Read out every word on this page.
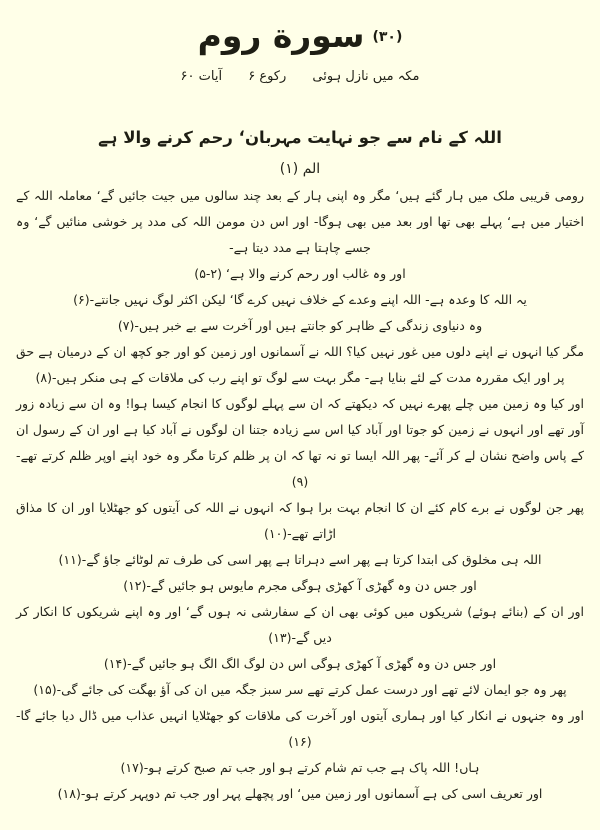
(۳۰)سورة روم
مکہ میں نازل ہوئی رکوع ۶ آیات ۶۰
اللہ کے نام سے جو نہایت مہربان‘ رحم کرنے والا ہے
الم (۱)

رومی قریبی ملک میں ہار گئے ہیں‘ مگر وہ اپنی ہار کے بعد چند سالوں میں جیت جائیں گے‘ معاملہ اللہ کے اختیار میں ہے‘ پہلے بھی تھا اور بعد میں بھی ہوگا- اور اس دن مومن اللہ کی مدد پر خوشی منائیں گے‘ وہ جسے چاہتا ہے مدد دیتا ہے-

اور وہ غالب اور رحم کرنے والا ہے‘ (۲-۵)

یہ اللہ کا وعدہ ہے- اللہ اپنے وعدے کے خلاف نہیں کرے گا‘ لیکن اکثر لوگ نہیں جانتے-(۶)

وہ دنیاوی زندگی کے ظاہر کو جانتے ہیں اور آخرت سے بے خبر ہیں-(۷)

مگر کیا انہوں نے اپنے دلوں میں غور نہیں کیا؟ اللہ نے آسمانوں اور زمین کو اور جو کچھ ان کے درمیان ہے حق پر اور ایک مقررہ مدت کے لئے بنایا ہے- مگر بہت سے لوگ تو اپنے رب کی ملاقات کے ہی منکر ہیں-(۸)

اور کیا وہ زمین میں چلے پھرے نہیں کہ دیکھتے کہ ان سے پہلے لوگوں کا انجام کیسا ہوا! وہ ان سے زیادہ زور آور تھے اور انہوں نے زمین کو جوتا اور آباد کیا اس سے زیادہ جتنا ان لوگوں نے آباد کیا ہے اور ان کے رسول ان کے پاس واضح نشان لے کر آئے- پھر اللہ ایسا تو نہ تھا کہ ان پر ظلم کرتا مگر وہ خود اپنے اوپر ظلم کرتے تھے-(۹)

پھر جن لوگوں نے برے کام کئے ان کا انجام بہت برا ہوا کہ انہوں نے اللہ کی آیتوں کو جھٹلایا اور ان کا مذاق اڑاتے تھے-(۱۰)

اللہ ہی مخلوق کی ابتدا کرتا ہے پھر اسے دہراتا ہے پھر اسی کی طرف تم لوٹائے جاؤ گے-(۱۱)

اور جس دن وہ گھڑی آ کھڑی ہوگی مجرم مایوس ہو جائیں گے-(۱۲)

اور ان کے (بنائے ہوئے) شریکوں میں کوئی بھی ان کے سفارشی نہ ہوں گے‘ اور وہ اپنے شریکوں کا انکار کر دیں گے-(۱۳)

اور جس دن وہ گھڑی آ کھڑی ہوگی اس دن لوگ الگ الگ ہو جائیں گے-(۱۴)

پھر وہ جو ایمان لائے تھے اور درست عمل کرتے تھے سر سبز جگہ میں ان کی آؤ بھگت کی جائے گی-(۱۵)

اور وہ جنہوں نے انکار کیا اور ہماری آیتوں اور آخرت کی ملاقات کو جھٹلایا انہیں عذاب میں ڈال دیا جائے گا-(۱۶)

ہاں! اللہ پاک ہے جب تم شام کرتے ہو اور جب تم صبح کرتے ہو-(۱۷)

اور تعریف اسی کی ہے آسمانوں اور زمین میں‘ اور پچھلے پہر اور جب تم دوپہر کرتے ہو-(۱۸)
